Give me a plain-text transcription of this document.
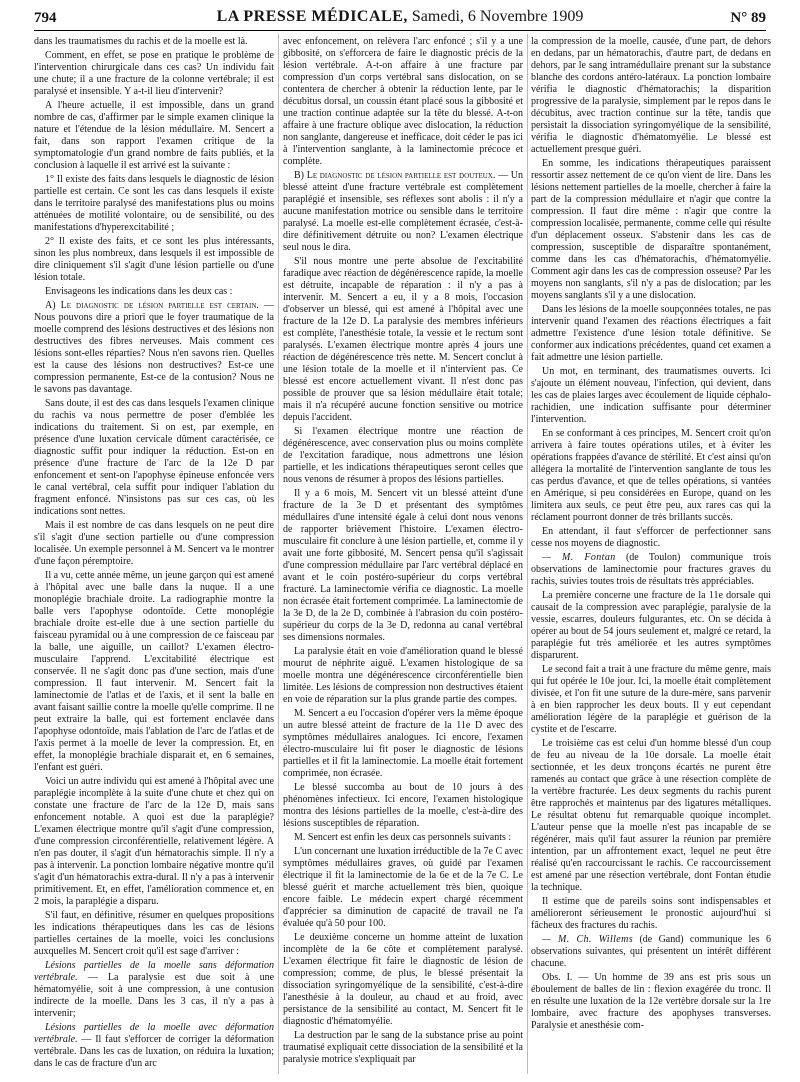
794	LA PRESSE MÉDICALE, Samedi, 6 Novembre 1909	N° 89

dans les traumatismes du rachis et de la moelle est là.

Comment, en effet, se pose en pratique le problème de l'intervention chirurgicale dans ces cas? Un individu fait une chute; il a une fracture de la colonne vertébrale; il est paralysé et insensible. Y a-t-il lieu d'intervenir?

A l'heure actuelle, il est impossible, dans un grand nombre de cas, d'affirmer par le simple examen clinique la nature et l'étendue de la lésion médullaire. M. Sencert a fait, dans son rapport l'examen critique de la symptomatologie d'un grand nombre de faits publiés, et la conclusion à laquelle il est arrivé est la suivante :

1° Il existe des faits dans lesquels le diagnostic de lésion partielle est certain. Ce sont les cas dans lesquels il existe dans le territoire paralysé des manifestations plus ou moins atténuées de motilité volontaire, ou de sensibilité, ou des manifestations d'hyperexcitabilité ;

2° Il existe des faits, et ce sont les plus intéressants, sinon les plus nombreux, dans lesquels il est impossible de dire cliniquement s'il s'agit d'une lésion partielle ou d'une lésion totale.

Envisageons les indications dans les deux cas :

A) Le diagnostic de lésion partielle est certain. — Nous pouvons dire a priori que le foyer traumatique de la moelle comprend des lésions destructives et des lésions non destructives des fibres nerveuses. Mais comment ces lésions sont-elles réparties? Nous n'en savons rien. Quelles est la cause des lésions non destructives? Est-ce une compression permanente, Est-ce de la contusion? Nous ne le savons pas davantage.

Sans doute, il est des cas dans lesquels l'examen clinique du rachis va nous permettre de poser d'emblée les indications du traitement. Si on est, par exemple, en présence d'une luxation cervicale dûment caractérisée, ce diagnostic suffit pour indiquer la réduction. Est-on en présence d'une fracture de l'arc de la 12e D par enfoncement et sent-on l'apophyse épineuse enfoncée vers le canal vertébral, cela suffit pour indiquer l'ablation du fragment enfoncé. N'insistons pas sur ces cas, où les indications sont nettes.

Mais il est nombre de cas dans lesquels on ne peut dire s'il s'agit d'une section partielle ou d'une compression localisée. Un exemple personnel à M. Sencert va le montrer d'une façon péremptoire.

Il a vu, cette année même, un jeune garçon qui est amené à l'hôpital avec une balle dans la nuque. Il a une monoplégie brachiale droite. La radiographie montre la balle vers l'apophyse odontoïde. Cette monoplégie brachiale droite est-elle due à une section partielle du faisceau pyramidal ou à une compression de ce faisceau par la balle, une aiguille, un caillot? L'examen électro-musculaire l'apprend. L'excitabilité électrique est conservée. Il ne s'agit donc pas d'une section, mais d'une compression. Il faut intervenir. M. Sencert fait la laminectomie de l'atlas et de l'axis, et il sent la balle en avant faisant saillie contre la moelle qu'elle comprime. Il ne peut extraire la balle, qui est fortement enclavée dans l'apophyse odontoïde, mais l'ablation de l'arc de l'atlas et de l'axis permet à la moelle de lever la compression. Et, en effet, la monoplégie brachiale disparait et, en 6 semaines, l'enfant est guéri.

Voici un autre individu qui est amené à l'hôpital avec une paraplégie incomplète à la suite d'une chute et chez qui on constate une fracture de l'arc de la 12e D, mais sans enfoncement notable. A quoi est due la paraplégie? L'examen électrique montre qu'il s'agit d'une compression, d'une compression circonférentielle, relativement légère. A n'en pas douter, il s'agit d'un hématorachis simple. Il n'y a pas à intervenir. La ponction lombaire négative montre qu'il s'agit d'un hématorachis extra-dural. Il n'y a pas à intervenir primitivement. Et, en effet, l'amélioration commence et, en 2 mois, la paraplégie a disparu.

S'il faut, en définitive, résumer en quelques propositions les indications thérapeutiques dans les cas de lésions partielles certaines de la moelle, voici les conclusions auxquelles M. Sencert croit qu'il est sage d'arriver :

Lésions partielles de la moelle sans déformation vertébrale. — La paralysie est due soit à une hématomyélie, soit à une compression, à une contusion indirecte de la moelle. Dans les 3 cas, il n'y a pas à intervenir;

Lésions partielles de la moelle avec déformation vertébrale. — Il faut s'efforcer de corriger la déformation vertébrale. Dans les cas de luxation, on réduira la luxation; dans le cas de fracture d'un arc

avec enfoncement, on relèvera l'arc enfoncé ; s'il y a une gibbosité, on s'efforcera de faire le diagnostic précis de la lésion vertébrale. A-t-on affaire à une fracture par compression d'un corps vertébral sans dislocation, on se contentera de chercher à obtenir la réduction lente, par le décubitus dorsal, un coussin étant placé sous la gibbosité et une traction continue adaptée sur la tête du blessé. A-t-on affaire à une fracture oblique avec dislocation, la réduction non sanglante, dangereuse et inefficace, doit céder le pas ici à l'intervention sanglante, à la laminectomie précoce et complète.

B) Le diagnostic de lésion partielle est douteux. — Un blessé atteint d'une fracture vertébrale est complètement paraplégié et insensible, ses réflexes sont abolis : il n'y a aucune manifestation motrice ou sensible dans le territoire paralysé. La moelle est-elle complètement écrasée, c'est-à-dire définitivement détruite ou non? L'examen électrique seul nous le dira.

S'il nous montre une perte absolue de l'excitabilité faradique avec réaction de dégénérescence rapide, la moelle est détruite, incapable de réparation : il n'y a pas à intervenir. M. Sencert a eu, il y a 8 mois, l'occasion d'observer un blessé, qui est amené à l'hôpital avec une fracture de la 12e D. La paralysie des membres inférieurs est complète, l'anesthésie totale, la vessie et le rectum sont paralysés. L'examen électrique montre après 4 jours une réaction de dégénérescence très nette. M. Sencert conclut à une lésion totale de la moelle et il n'intervient pas. Ce blessé est encore actuellement vivant. Il n'est donc pas possible de prouver que sa lésion médullaire était totale; mais il n'a récupéré aucune fonction sensitive ou motrice depuis l'accident.

Si l'examen électrique montre une réaction de dégénérescence, avec conservation plus ou moins complète de l'excitation faradique, nous admettrons une lésion partielle, et les indications thérapeutiques seront celles que nous venons de résumer à propos des lésions partielles.

Il y a 6 mois, M. Sencert vit un blessé atteint d'une fracture de la 3e D et présentant des symptômes médullaires d'une intensité égale à celui dont nous venons de rapporter brièvement l'histoire. L'examen électro-musculaire fit conclure à une lésion partielle, et, comme il y avait une forte gibbosité, M. Sencert pensa qu'il s'agissait d'une compression médullaire par l'arc vertébral déplacé en avant et le coin postéro-supérieur du corps vertébral fracturé. La laminectomie vérifia ce diagnostic. La moelle non écrasée était fortement comprimée. La laminectomie de la 3e D, de la 2e D, combinée à l'abrasion du coin postéro-supérieur du corps de la 3e D, redonna au canal vertébral ses dimensions normales.

La paralysie était en voie d'amélioration quand le blessé mourut de néphrite aiguë. L'examen histologique de sa moelle montra une dégénérescence circonférentielle bien limitée. Les lésions de compression non destructives étaient en voie de réparation sur la plus grande partie des compes.

M. Sencert a eu l'occasion d'opérer vers la même époque un autre blessé atteint de fracture de la 11e D avec des symptômes médullaires analogues. Ici encore, l'examen électro-musculaire lui fit poser le diagnostic de lésions partielles et il fit la laminectomie. La moelle était fortement comprimée, non écrasée.

Le blessé succomba au bout de 10 jours à des phénomènes infectieux. Ici encore, l'examen histologique montra des lésions partielles de la moelle, c'est-à-dire des lésions susceptibles de réparation.

M. Sencert est enfin les deux cas personnels suivants :

L'un concernant une luxation irréductible de la 7e C avec symptômes médullaires graves, où guidé par l'examen électrique il fit la laminectomie de la 6e et de la 7e C. Le blessé guérit et marche actuellement très bien, quoique encore faible. Le médecin expert chargé récemment d'apprécier sa diminution de capacité de travail ne l'a évaluée qu'à 50 pour 100.

Le deuxième concerne un homme atteint de luxation incomplète de la 6e côte et complètement paralysé. L'examen électrique fit faire le diagnostic de lésion de compression; comme, de plus, le blessé présentait la dissociation syringomyélique de la sensibilité, c'est-à-dire l'anesthésie à la douleur, au chaud et au froid, avec persistance de la sensibilité au contact, M. Sencert fit le diagnostic d'hématomyélie.

La destruction par le sang de la substance prise au point traumatisé expliquait cette dissociation de la sensibilité et la paralysie motrice s'expliquait par

la compression de la moelle, causée, d'une part, de dehors en dedans, par un hématorachis, d'autre part, de dedans en dehors, par le sang intramédullaire prenant sur la substance blanche des cordons antéro-latéraux. La ponction lombaire vérifia le diagnostic d'hématorachis; la disparition progressive de la paralysie, simplement par le repos dans le décubitus, avec traction continue sur la tête, tandis que persistait la dissociation syringomyélique de la sensibilité, vérifia le diagnostic d'hématomyélie. Le blessé est actuellement presque guéri.

En somme, les indications thérapeutiques paraissent ressortir assez nettement de ce qu'on vient de lire. Dans les lésions nettement partielles de la moelle, chercher à faire la part de la compression médullaire et n'agir que contre la compression. Il faut dire même : n'agir que contre la compression localisée, permanente, comme celle qui résulte d'un déplacement osseux. S'abstenir dans les cas de compression, susceptible de disparaître spontanément, comme dans les cas d'hématorachis, d'hématomyélie. Comment agir dans les cas de compression osseuse? Par les moyens non sanglants, s'il n'y a pas de dislocation; par les moyens sanglants s'il y a une dislocation.

Dans les lésions de la moelle soupçonnées totales, ne pas intervenir quand l'examen des réactions électriques a fait admettre l'existence d'une lésion totale définitive. Se conformer aux indications précédentes, quand cet examen a fait admettre une lésion partielle.

Un mot, en terminant, des traumatismes ouverts. Ici s'ajoute un élément nouveau, l'infection, qui devient, dans les cas de plaies larges avec écoulement de liquide céphalo-rachidien, une indication suffisante pour déterminer l'intervention.

En se conformant à ces principes, M. Sencert croit qu'on arrivera à faire toutes opérations utiles, et à éviter les opérations frappées d'avance de stérilité. Et c'est ainsi qu'on allégera la mortalité de l'intervention sanglante de tous les cas perdus d'avance, et que de telles opérations, si vantées en Amérique, si peu considérées en Europe, quand on les limitera aux seuls, ce peut être peu, aux rares cas qui la réclament pourront donner de très brillants succès.

En attendant, il faut s'efforcer de perfectionner sans cesse nos moyens de diagnostic.

— M. Fontan (de Toulon) communique trois observations de laminectomie pour fractures graves du rachis, suivies toutes trois de résultats très appréciables.

La première concerne une fracture de la 11e dorsale qui causait de la compression avec paraplégie, paralysie de la vessie, escarres, douleurs fulgurantes, etc. On se décida à opérer au bout de 54 jours seulement et, malgré ce retard, la paraplégie fut très améliorée et les autres symptômes disparurent.

Le second fait a trait à une fracture du même genre, mais qui fut opérée le 10e jour. Ici, la moelle était complètement divisée, et l'on fit une suture de la dure-mère, sans parvenir à en bien rapprocher les deux bouts. Il y eut cependant amélioration légère de la paraplégie et guérison de la cystite et de l'escarre.

Le troisième cas est celui d'un homme blessé d'un coup de feu au niveau de la 10e dorsale. La moelle était sectionnée, et les deux tronçons écartés ne purent être ramenés au contact que grâce à une résection complète de la vertèbre fracturée. Les deux segments du rachis purent être rapprochés et maintenus par des ligatures métalliques. Le résultat obtenu fut remarquable quoique incomplet. L'auteur pense que la moelle n'est pas incapable de se régénérer, mais qu'il faut assurer la réunion par première intention, par un affrontement exact, lequel ne peut être réalisé qu'en raccourcissant le rachis. Ce raccourcissement est amené par une résection vertébrale, dont Fontan étudie la technique.

Il estime que de pareils soins sont indispensables et amélioreront sérieusement le pronostic aujourd'hui si fâcheux des fractures du rachis.

— M. Ch. Willems (de Gand) communique les 6 observations suivantes, qui présentent un intérêt différent chacune.

Obs. I. — Un homme de 39 ans est pris sous un éboulement de balles de lin : flexion exagérée du tronc. Il en résulte une luxation de la 12e vertèbre dorsale sur la 1re lombaire, avec fracture des apophyses transverses. Paralysie et anesthésie com-
